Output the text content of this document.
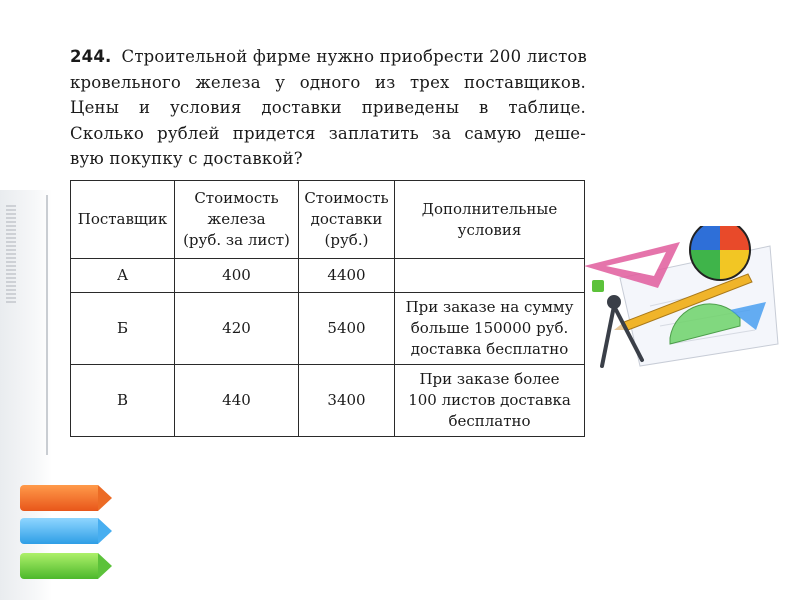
244. Строительной фирме нужно приобрести 200 листов
кровельного железа у одного из трех поставщиков.
Цены и условия доставки приведены в таблице.
Сколько рублей придется заплатить за самую деше-
вую покупку с доставкой?
Поставщик	Стоимость
железа
(руб. за лист)	Стоимость
доставки
(руб.)	Дополнительные
условия

А	400	4400	

Б	420	5400	При заказе на сумму
больше 150000 руб.
доставка бесплатно

В	440	3400	При заказе более
100 листов доставка
бесплатно
